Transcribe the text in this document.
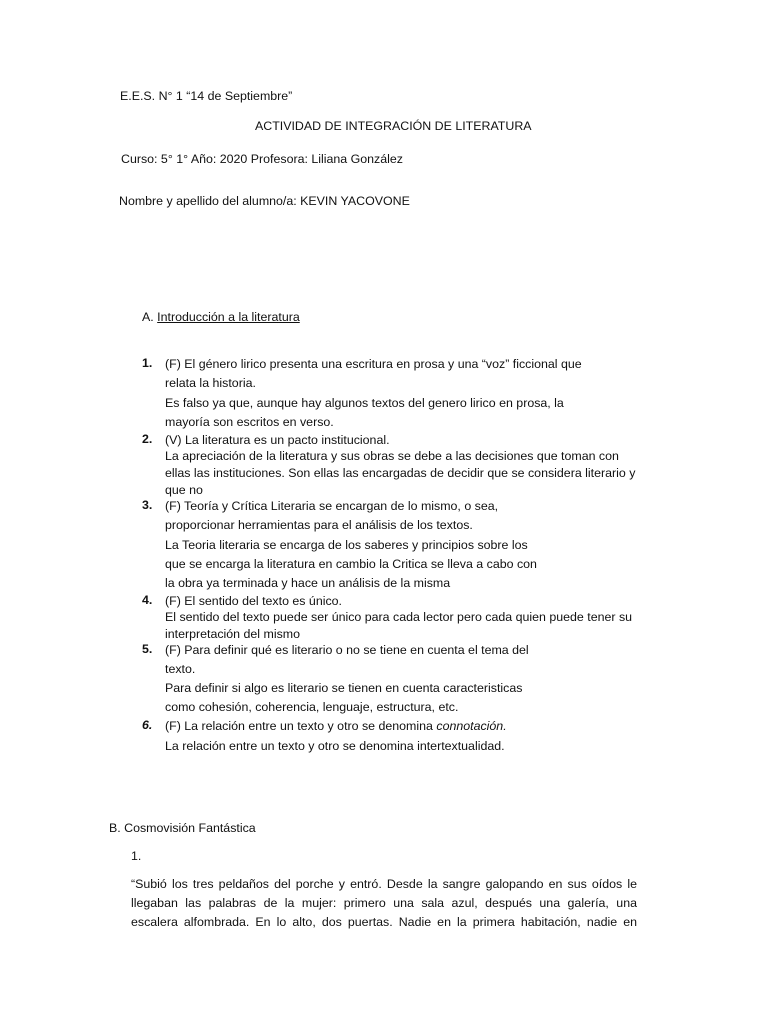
E.E.S. N° 1 “14 de Septiembre”
ACTIVIDAD DE INTEGRACIÓN DE LITERATURA
Curso: 5° 1° Año: 2020 Profesora: Liliana González
Nombre y apellido del alumno/a: KEVIN YACOVONE
A. Introducción a la literatura
1.	(F) El género lirico presenta una escritura en prosa y una “voz” ficcional que
relata la historia.
Es falso ya que, aunque hay algunos textos del genero lirico en prosa, la
mayoría son escritos en verso.
2.	(V) La literatura es un pacto institucional.
La apreciación de la literatura y sus obras se debe a las decisiones que toman con
ellas las instituciones. Son ellas las encargadas de decidir que se considera literario y
que no
3.	(F) Teoría y Crítica Literaria se encargan de lo mismo, o sea,
proporcionar herramientas para el análisis de los textos.
La Teoria literaria se encarga de los saberes y principios sobre los
que se encarga la literatura en cambio la Critica se lleva a cabo con
la obra ya terminada y hace un análisis de la misma
4.	(F) El sentido del texto es único.
El sentido del texto puede ser único para cada lector pero cada quien puede tener su
interpretación del mismo
5.	(F) Para definir qué es literario o no se tiene en cuenta el tema del
texto.
Para definir si algo es literario se tienen en cuenta caracteristicas
como cohesión, coherencia, lenguaje, estructura, etc.
6.	(F) La relación entre un texto y otro se denomina connotación.
La relación entre un texto y otro se denomina intertextualidad.
B. Cosmovisión Fantástica
1.
“Subió los tres peldaños del porche y entró. Desde la sangre galopando en sus oídos le
llegaban las palabras de la mujer: primero una sala azul, después una galería, una
escalera alfombrada. En lo alto, dos puertas. Nadie en la primera habitación, nadie en
